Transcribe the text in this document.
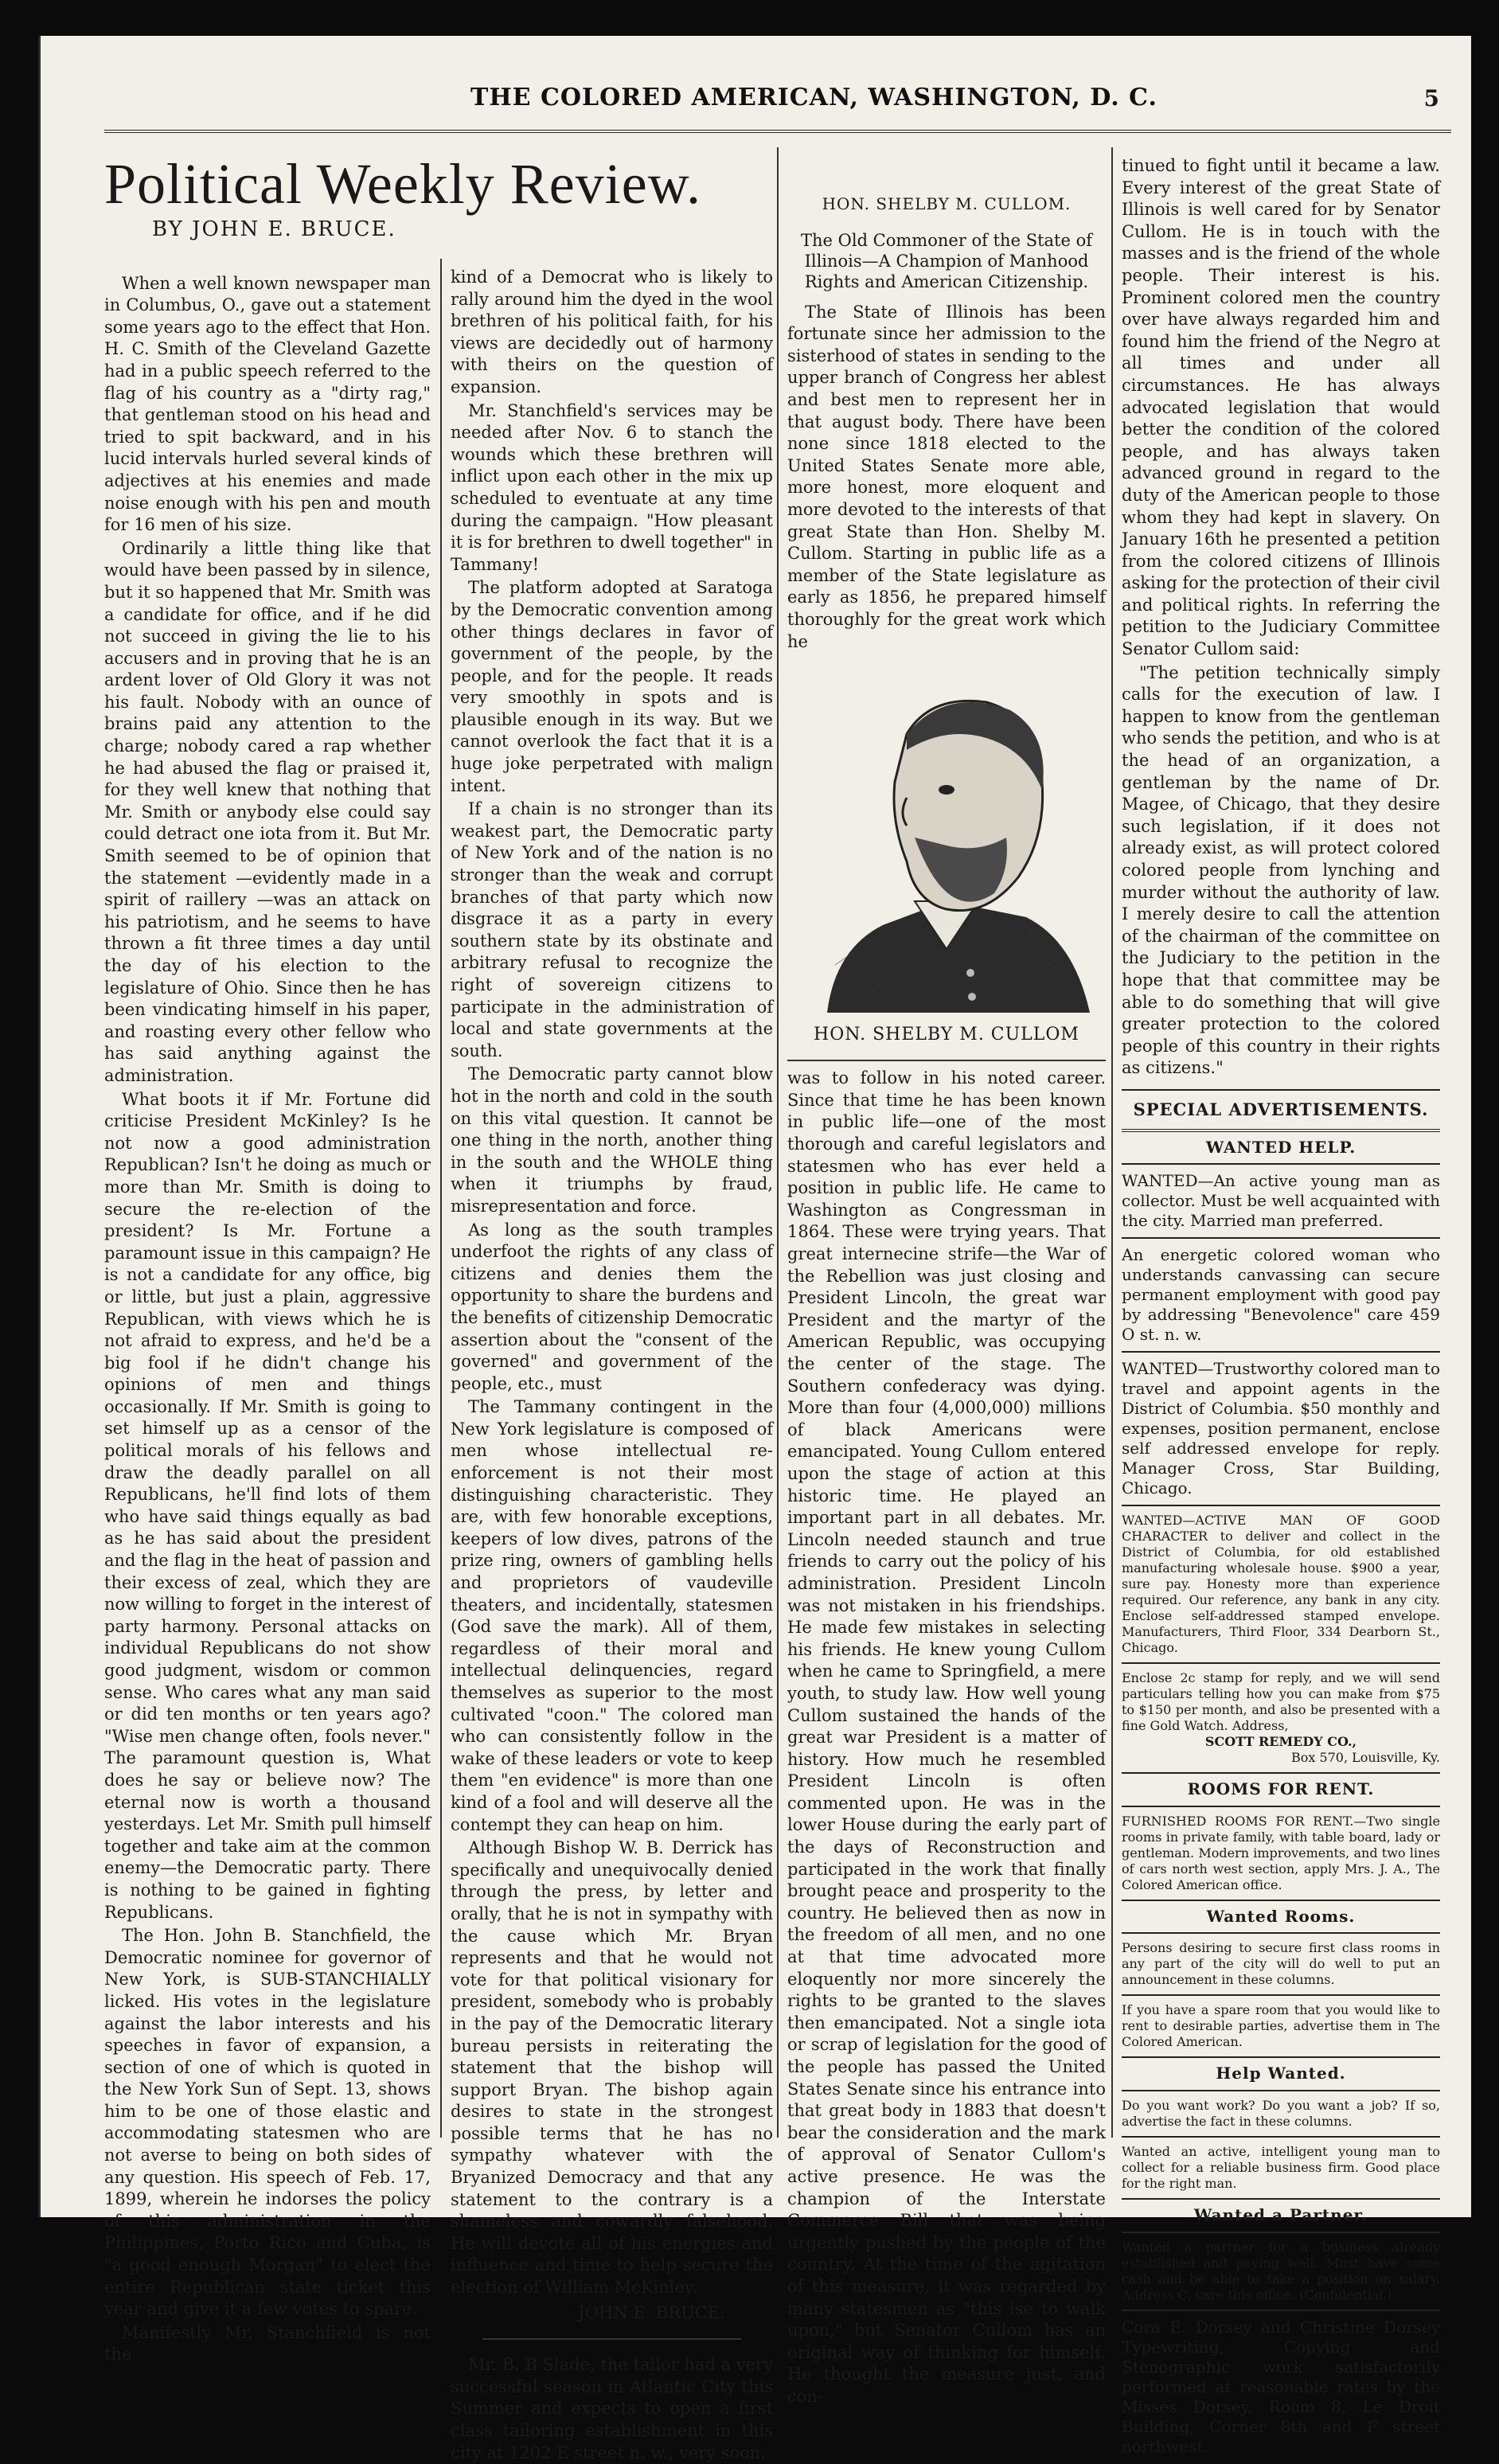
THE COLORED AMERICAN, WASHINGTON, D. C.	5
Political Weekly Review.
BY JOHN E. BRUCE.

When a well known newspaper man in Columbus, O., gave out a statement some years ago to the effect that Hon. H. C. Smith of the Cleveland Gazette had in a public speech referred to the flag of his country as a "dirty rag," that gentleman stood on his head and tried to spit backward, and in his lucid intervals hurled several kinds of adjectives at his enemies and made noise enough with his pen and mouth for 16 men of his size.

Ordinarily a little thing like that would have been passed by in silence, but it so happened that Mr. Smith was a candidate for office, and if he did not succeed in giving the lie to his accusers and in proving that he is an ardent lover of Old Glory it was not his fault. Nobody with an ounce of brains paid any attention to the charge; nobody cared a rap whether he had abused the flag or praised it, for they well knew that nothing that Mr. Smith or anybody else could say could detract one iota from it. But Mr. Smith seemed to be of opinion that the statement —evidently made in a spirit of raillery —was an attack on his patriotism, and he seems to have thrown a fit three times a day until the day of his election to the legislature of Ohio. Since then he has been vindicating himself in his paper, and roasting every other fellow who has said anything against the administration.

What boots it if Mr. Fortune did criticise President McKinley? Is he not now a good administration Republican? Isn't he doing as much or more than Mr. Smith is doing to secure the re-election of the president? Is Mr. Fortune a paramount issue in this campaign? He is not a candidate for any office, big or little, but just a plain, aggressive Republican, with views which he is not afraid to express, and he'd be a big fool if he didn't change his opinions of men and things occasionally. If Mr. Smith is going to set himself up as a censor of the political morals of his fellows and draw the deadly parallel on all Republicans, he'll find lots of them who have said things equally as bad as he has said about the president and the flag in the heat of passion and their excess of zeal, which they are now willing to forget in the interest of party harmony. Personal attacks on individual Republicans do not show good judgment, wisdom or common sense. Who cares what any man said or did ten months or ten years ago? "Wise men change often, fools never." The paramount question is, What does he say or believe now? The eternal now is worth a thousand yesterdays. Let Mr. Smith pull himself together and take aim at the common enemy—the Democratic party. There is nothing to be gained in fighting Republicans.

The Hon. John B. Stanchfield, the Democratic nominee for governor of New York, is SUB-STANCHIALLY licked. His votes in the legislature against the labor interests and his speeches in favor of expansion, a section of one of which is quoted in the New York Sun of Sept. 13, shows him to be one of those elastic and accommodating statesmen who are not averse to being on both sides of any question. His speech of Feb. 17, 1899, wherein he indorses the policy of this administration in the Philippines, Porto Rico and Cuba, is "a good enough Morgan" to elect the entire Republican state ticket this year and give it a few votes to spare.

Manifestly Mr. Stanchfield is not the

kind of a Democrat who is likely to rally around him the dyed in the wool brethren of his political faith, for his views are decidedly out of harmony with theirs on the question of expansion.

Mr. Stanchfield's services may be needed after Nov. 6 to stanch the wounds which these brethren will inflict upon each other in the mix up scheduled to eventuate at any time during the campaign. "How pleasant it is for brethren to dwell together" in Tammany!

The platform adopted at Saratoga by the Democratic convention among other things declares in favor of government of the people, by the people, and for the people. It reads very smoothly in spots and is plausible enough in its way. But we cannot overlook the fact that it is a huge joke perpetrated with malign intent.

If a chain is no stronger than its weakest part, the Democratic party of New York and of the nation is no stronger than the weak and corrupt branches of that party which now disgrace it as a party in every southern state by its obstinate and arbitrary refusal to recognize the right of sovereign citizens to participate in the administration of local and state governments at the south.

The Democratic party cannot blow hot in the north and cold in the south on this vital question. It cannot be one thing in the north, another thing in the south and the WHOLE thing when it triumphs by fraud, misrepresentation and force.

As long as the south tramples underfoot the rights of any class of citizens and denies them the opportunity to share the burdens and the benefits of citizenship Democratic assertion about the "consent of the governed" and government of the people, etc., must

The Tammany contingent in the New York legislature is composed of men whose intellectual re-enforcement is not their most distinguishing characteristic. They are, with few honorable exceptions, keepers of low dives, patrons of the prize ring, owners of gambling hells and proprietors of vaudeville theaters, and incidentally, statesmen (God save the mark). All of them, regardless of their moral and intellectual delinquencies, regard themselves as superior to the most cultivated "coon." The colored man who can consistently follow in the wake of these leaders or vote to keep them "en evidence" is more than one kind of a fool and will deserve all the contempt they can heap on him.

Although Bishop W. B. Derrick has specifically and unequivocally denied through the press, by letter and orally, that he is not in sympathy with the cause which Mr. Bryan represents and that he would not vote for that political visionary for president, somebody who is probably in the pay of the Democratic literary bureau persists in reiterating the statement that the bishop will support Bryan. The bishop again desires to state in the strongest possible terms that he has no sympathy whatever with the Bryanized Democracy and that any statement to the contrary is a shameless and cowardly falsehood. He will devote all of his energies and influence and time to help secure the election of William McKinley.

JOHN E. BRUCE.

Mr. B. B Slade, the tailor had a very successful season in Atlantic City this Summer and expects to open a first class tailoring establishment in this city at 1202 E street n. w., very soon.

HON. SHELBY M. CULLOM.
The Old Commoner of the State of Illinois—A Champion of Manhood Rights and American Citizenship.

The State of Illinois has been fortunate since her admission to the sisterhood of states in sending to the upper branch of Congress her ablest and best men to represent her in that august body. There have been none since 1818 elected to the United States Senate more able, more honest, more eloquent and more devoted to the interests of that great State than Hon. Shelby M. Cullom. Starting in public life as a member of the State legislature as early as 1856, he prepared himself thoroughly for the great work which he

HON. SHELBY M. CULLOM

was to follow in his noted career. Since that time he has been known in public life—one of the most thorough and careful legislators and statesmen who has ever held a position in public life. He came to Washington as Congressman in 1864. These were trying years. That great internecine strife—the War of the Rebellion was just closing and President Lincoln, the great war President and the martyr of the American Republic, was occupying the center of the stage. The Southern confederacy was dying. More than four (4,000,000) millions of black Americans were emancipated. Young Cullom entered upon the stage of action at this historic time. He played an important part in all debates. Mr. Lincoln needed staunch and true friends to carry out the policy of his administration. President Lincoln was not mistaken in his friendships. He made few mistakes in selecting his friends. He knew young Cullom when he came to Springfield, a mere youth, to study law. How well young Cullom sustained the hands of the great war President is a matter of history. How much he resembled President Lincoln is often commented upon. He was in the lower House during the early part of the days of Reconstruction and participated in the work that finally brought peace and prosperity to the country. He believed then as now in the freedom of all men, and no one at that time advocated more eloquently nor more sincerely the rights to be granted to the slaves then emancipated. Not a single iota or scrap of legislation for the good of the people has passed the United States Senate since his entrance into that great body in 1883 that doesn't bear the consideration and the mark of approval of Senator Cullom's active presence. He was the champion of the Interstate Commerce Bill that was being urgently pushed by the people of the country. At the time of the agitation of this measure, it was regarded by many statesmen as "this ise to walk upon," but Senator Cullom has an original way of thinking for himself. He thought the measure just, and con-

tinued to fight until it became a law. Every interest of the great State of Illinois is well cared for by Senator Cullom. He is in touch with the masses and is the friend of the whole people. Their interest is his. Prominent colored men the country over have always regarded him and found him the friend of the Negro at all times and under all circumstances. He has always advocated legislation that would better the condition of the colored people, and has always taken advanced ground in regard to the duty of the American people to those whom they had kept in slavery. On January 16th he presented a petition from the colored citizens of Illinois asking for the protection of their civil and political rights. In referring the petition to the Judiciary Committee Senator Cullom said:

"The petition technically simply calls for the execution of law. I happen to know from the gentleman who sends the petition, and who is at the head of an organization, a gentleman by the name of Dr. Magee, of Chicago, that they desire such legislation, if it does not already exist, as will protect colored colored people from lynching and murder without the authority of law. I merely desire to call the attention of the chairman of the committee on the Judiciary to the petition in the hope that that committee may be able to do something that will give greater protection to the colored people of this country in their rights as citizens."

SPECIAL ADVERTISEMENTS.
WANTED HELP.
WANTED—An active young man as collector. Must be well acquainted with the city. Married man preferred.
An energetic colored woman who understands canvassing can secure permanent employment with good pay by addressing "Benevolence" care 459 O st. n. w.
WANTED—Trustworthy colored man to travel and appoint agents in the District of Columbia. $50 monthly and expenses, position permanent, enclose self addressed envelope for reply. Manager Cross, Star Building, Chicago.
WANTED—ACTIVE MAN OF GOOD CHARACTER to deliver and collect in the District of Columbia, for old established manufacturing wholesale house. $900 a year, sure pay. Honesty more than experience required. Our reference, any bank in any city. Enclose self-addressed stamped envelope. Manufacturers, Third Floor, 334 Dearborn St., Chicago.
Enclose 2c stamp for reply, and we will send particulars telling how you can make from $75 to $150 per month, and also be presented with a fine Gold Watch. Address,
SCOTT REMEDY CO.,
Box 570, Louisville, Ky.
ROOMS FOR RENT.
FURNISHED ROOMS FOR RENT.—Two single rooms in private family, with table board, lady or gentleman. Modern improvements, and two lines of cars north west section, apply Mrs. J. A., The Colored American office.
Wanted Rooms.
Persons desiring to secure first class rooms in any part of the city will do well to put an announcement in these columns.
If you have a spare room that you would like to rent to desirable parties, advertise them in The Colored American.
Help Wanted.
Do you want work? Do you want a job? If so, advertise the fact in these columns.
Wanted an active, intelligent young man to collect for a reliable business firm. Good place for the right man.
Wanted a Partner.
Wanted a partner for a business already established and paying well. Must have some cash and be able to take a position on salary. Address C, care this office. (Confidential.)
Cora E. Dorsey and Christine Dorsey Typewriting, Copying and Stenographic work satisfactorily performed at reasonable rates by the Misses Dorsey, Room 8, Le Droit Building, Corner 8th and F street northwest.
